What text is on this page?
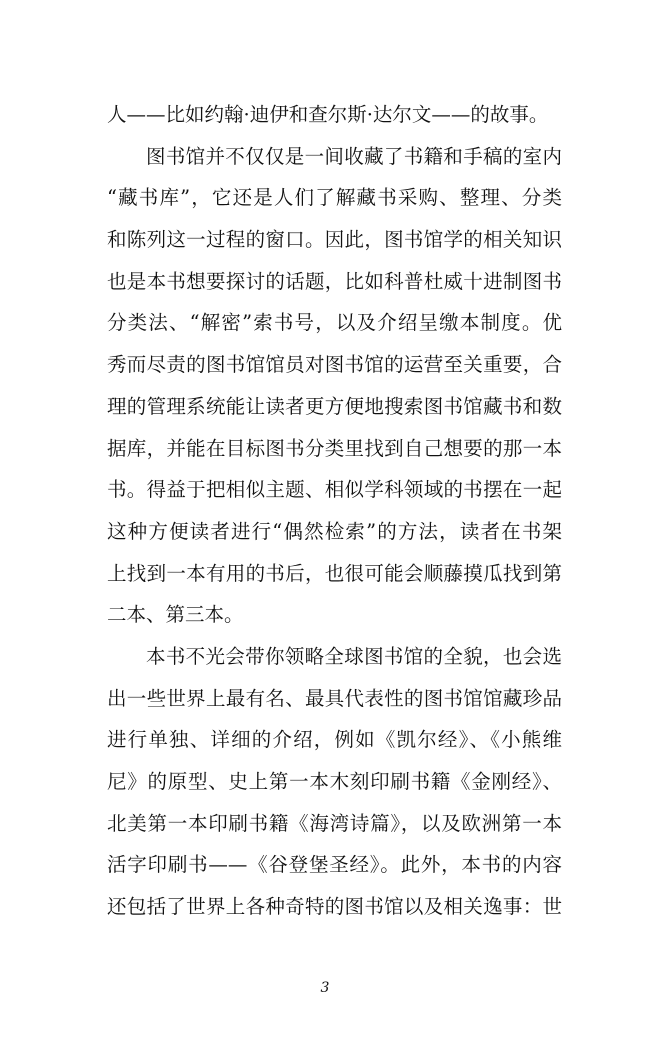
人——比如约翰·迪伊和查尔斯·达尔文——的故事。
图书馆并不仅仅是一间收藏了书籍和手稿的室内
“藏书库”，它还是人们了解藏书采购、整理、分类
和陈列这一过程的窗口。因此，图书馆学的相关知识
也是本书想要探讨的话题，比如科普杜威十进制图书
分类法、“解密”索书号，以及介绍呈缴本制度。优
秀而尽责的图书馆馆员对图书馆的运营至关重要，合
理的管理系统能让读者更方便地搜索图书馆藏书和数
据库，并能在目标图书分类里找到自己想要的那一本
书。得益于把相似主题、相似学科领域的书摆在一起
这种方便读者进行“偶然检索”的方法，读者在书架
上找到一本有用的书后，也很可能会顺藤摸瓜找到第
二本、第三本。
本书不光会带你领略全球图书馆的全貌，也会选
出一些世界上最有名、最具代表性的图书馆馆藏珍品
进行单独、详细的介绍，例如《凯尔经》、《小熊维
尼》的原型、史上第一本木刻印刷书籍《金刚经》、
北美第一本印刷书籍《海湾诗篇》，以及欧洲第一本
活字印刷书——《谷登堡圣经》。此外，本书的内容
还包括了世界上各种奇特的图书馆以及相关逸事：世
3
